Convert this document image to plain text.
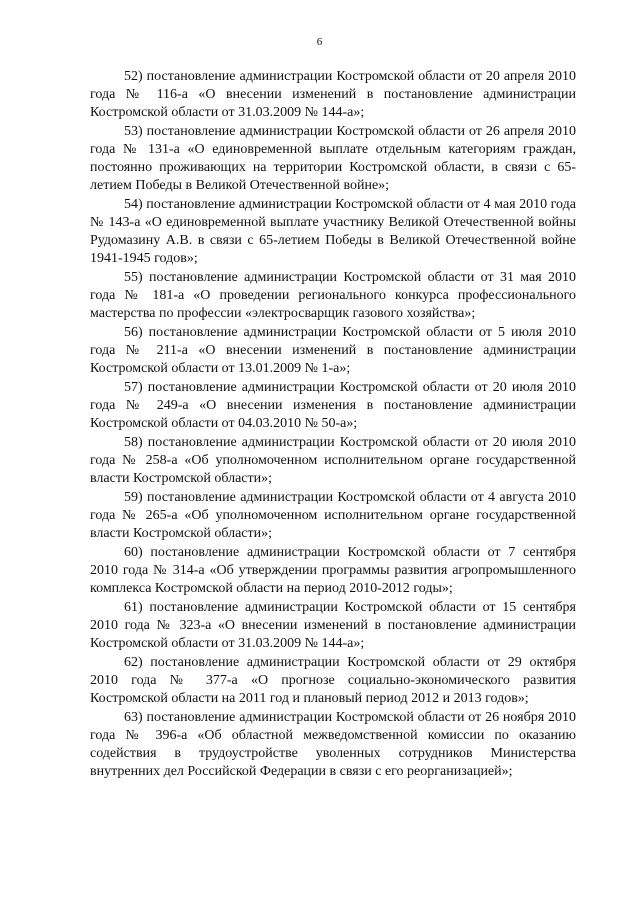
6

52) постановление администрации Костромской области от 20 апреля 2010 года № 116-а «О внесении изменений в постановление администрации Костромской области от 31.03.2009 № 144-а»;

53) постановление администрации Костромской области от 26 апреля 2010 года № 131-а «О единовременной выплате отдельным категориям граждан, постоянно проживающих на территории Костромской области, в связи с 65-летием Победы в Великой Отечественной войне»;

54) постановление администрации Костромской области от 4 мая 2010 года № 143-а «О единовременной выплате участнику Великой Отечественной войны Рудомазину А.В. в связи с 65-летием Победы в Великой Отечественной войне 1941-1945 годов»;

55) постановление администрации Костромской области от 31 мая 2010 года № 181-а «О проведении регионального конкурса профессионального мастерства по профессии «электросварщик газового хозяйства»;

56) постановление администрации Костромской области от 5 июля 2010 года № 211-а «О внесении изменений в постановление администрации Костромской области от 13.01.2009 № 1-а»;

57) постановление администрации Костромской области от 20 июля 2010 года № 249-а «О внесении изменения в постановление администрации Костромской области от 04.03.2010 № 50-а»;

58) постановление администрации Костромской области от 20 июля 2010 года № 258-а «Об уполномоченном исполнительном органе государственной власти Костромской области»;

59) постановление администрации Костромской области от 4 августа 2010 года № 265-а «Об уполномоченном исполнительном органе государственной власти Костромской области»;

60) постановление администрации Костромской области от 7 сентября 2010 года № 314-а «Об утверждении программы развития агропромышленного комплекса Костромской области на период 2010-2012 годы»;

61) постановление администрации Костромской области от 15 сентября 2010 года № 323-а «О внесении изменений в постановление администрации Костромской области от 31.03.2009 № 144-а»;

62) постановление администрации Костромской области от 29 октября 2010 года № 377-а «О прогнозе социально-экономического развития Костромской области на 2011 год и плановый период 2012 и 2013 годов»;

63) постановление администрации Костромской области от 26 ноября 2010 года № 396-а «Об областной межведомственной комиссии по оказанию содействия в трудоустройстве уволенных сотрудников Министерства внутренних дел Российской Федерации в связи с его реорганизацией»;
